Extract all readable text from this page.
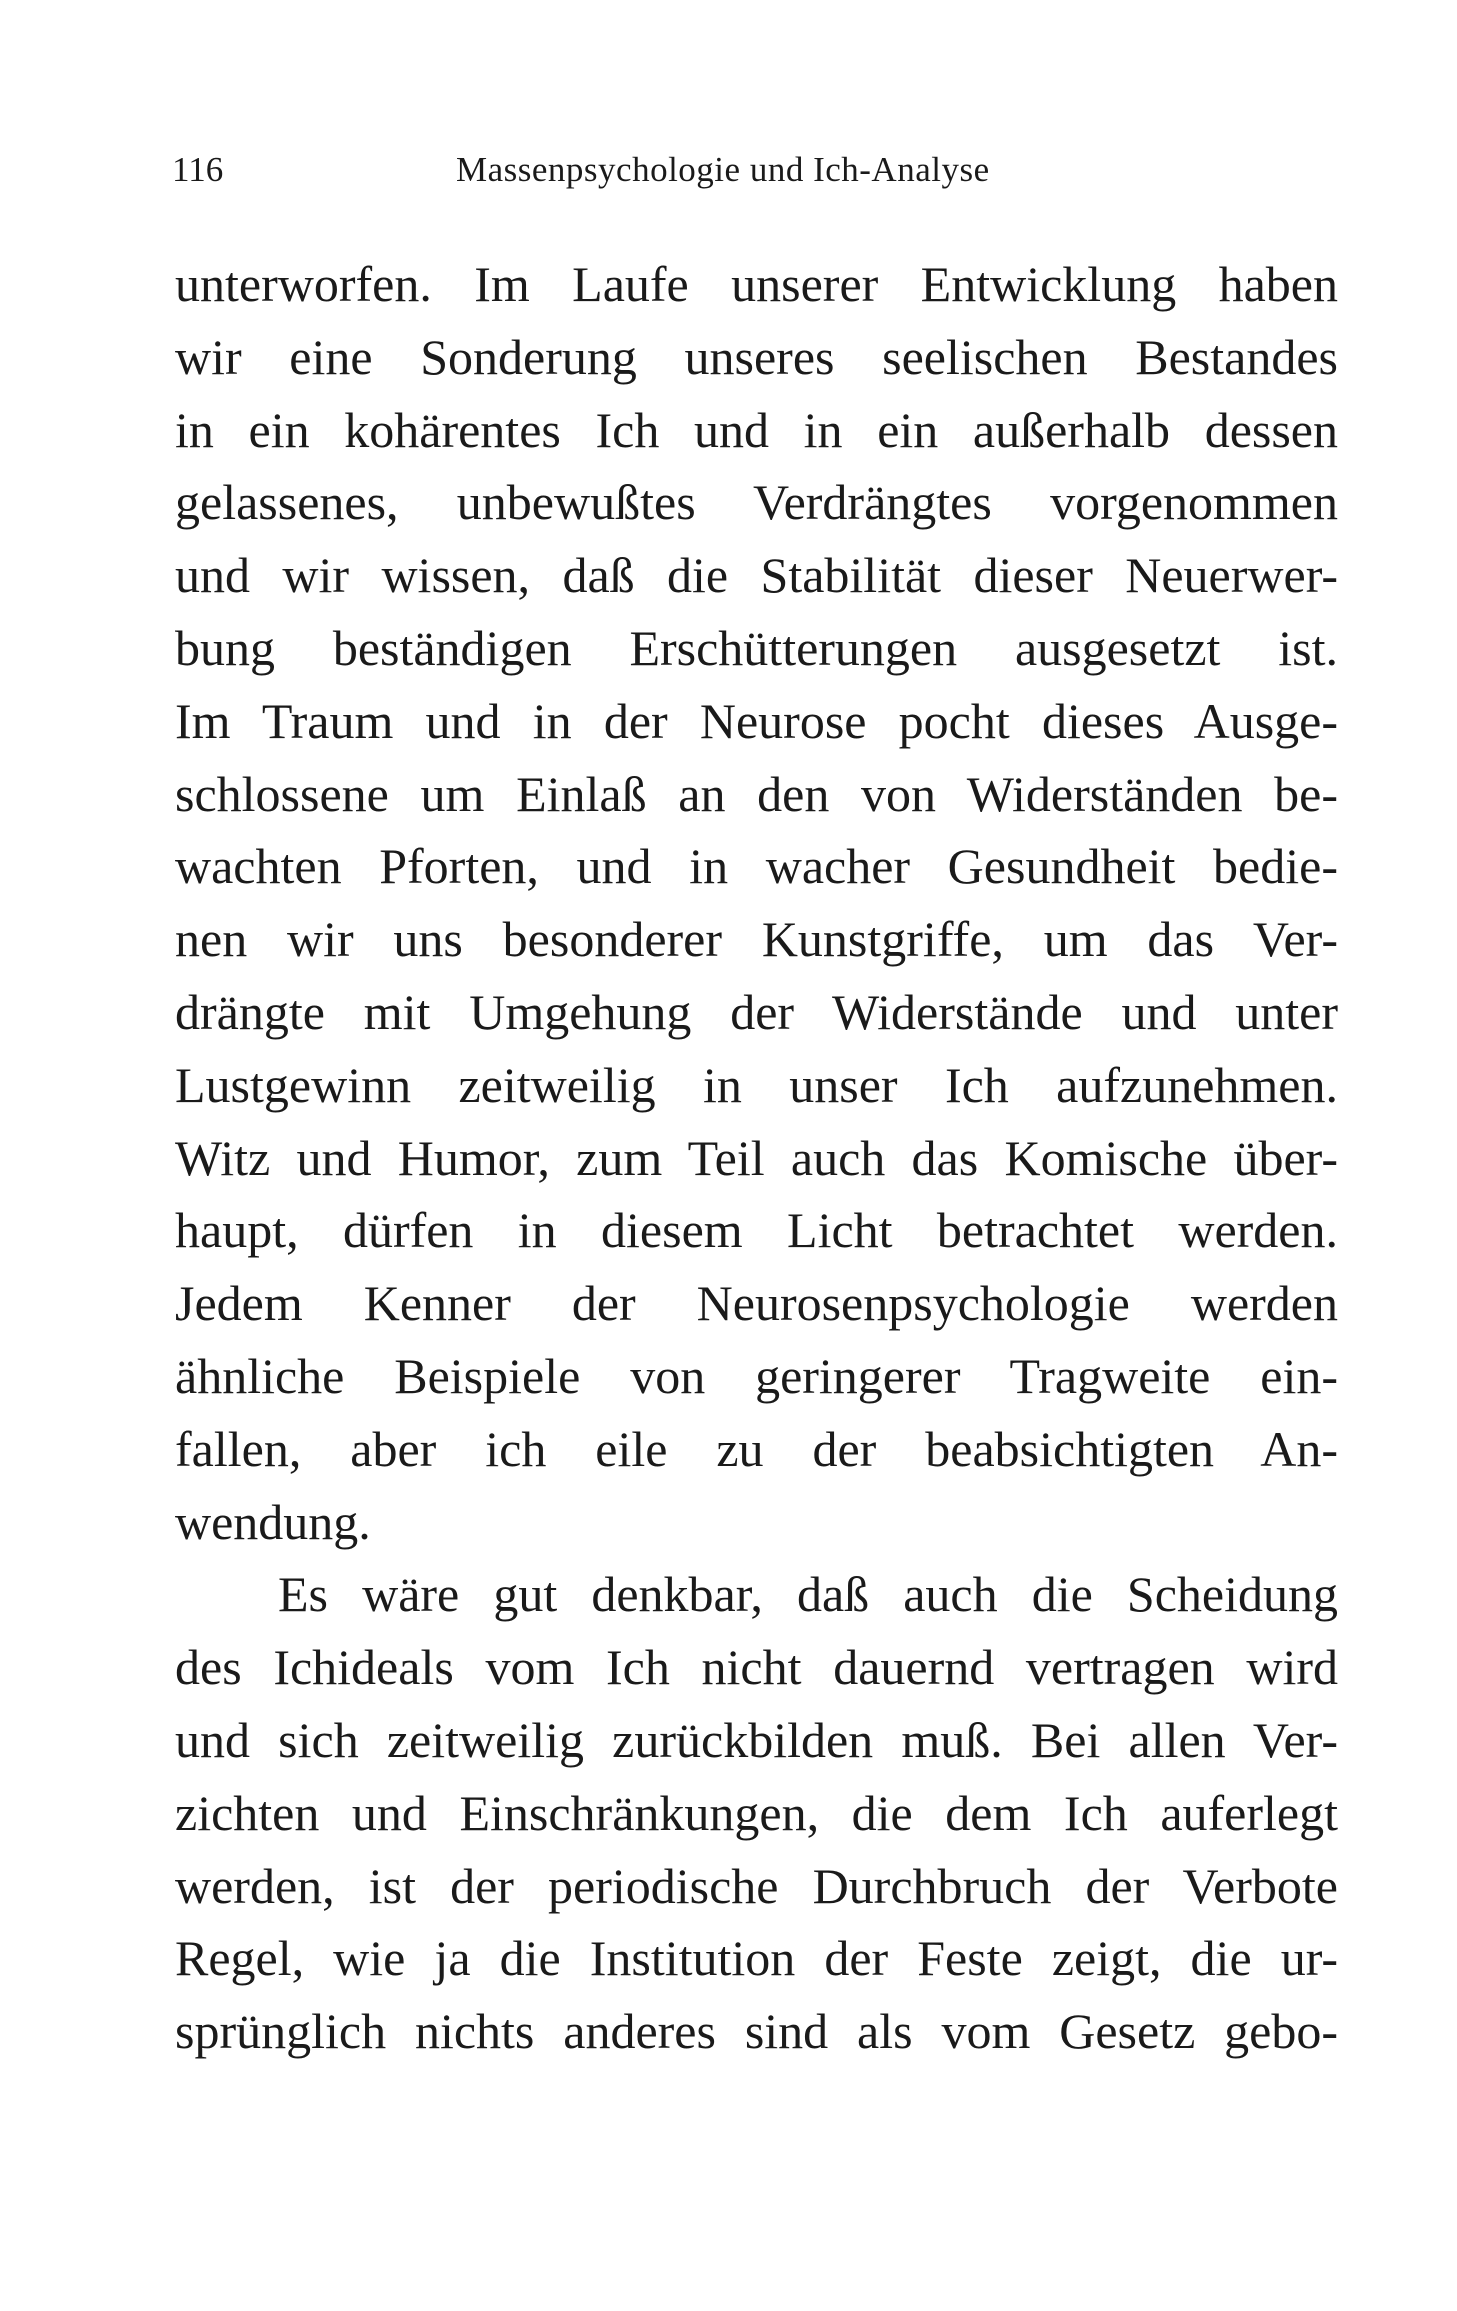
116	Massenpsychologie und Ich-Analyse
unterworfen. Im Laufe unserer Entwicklung haben
wir eine Sonderung unseres seelischen Bestandes
in ein kohärentes Ich und in ein außerhalb dessen
gelassenes, unbewußtes Verdrängtes vorgenommen
und wir wissen, daß die Stabilität dieser Neuerwer-
bung beständigen Erschütterungen ausgesetzt ist.
Im Traum und in der Neurose pocht dieses Ausge-
schlossene um Einlaß an den von Widerständen be-
wachten Pforten, und in wacher Gesundheit bedie-
nen wir uns besonderer Kunstgriffe, um das Ver-
drängte mit Umgehung der Widerstände und unter
Lustgewinn zeitweilig in unser Ich aufzunehmen.
Witz und Humor, zum Teil auch das Komische über-
haupt, dürfen in diesem Licht betrachtet werden.
Jedem Kenner der Neurosenpsychologie werden
ähnliche Beispiele von geringerer Tragweite ein-
fallen, aber ich eile zu der beabsichtigten An-
wendung.
Es wäre gut denkbar, daß auch die Scheidung
des Ichideals vom Ich nicht dauernd vertragen wird
und sich zeitweilig zurückbilden muß. Bei allen Ver-
zichten und Einschränkungen, die dem Ich auferlegt
werden, ist der periodische Durchbruch der Verbote
Regel, wie ja die Institution der Feste zeigt, die ur-
sprünglich nichts anderes sind als vom Gesetz gebo-
